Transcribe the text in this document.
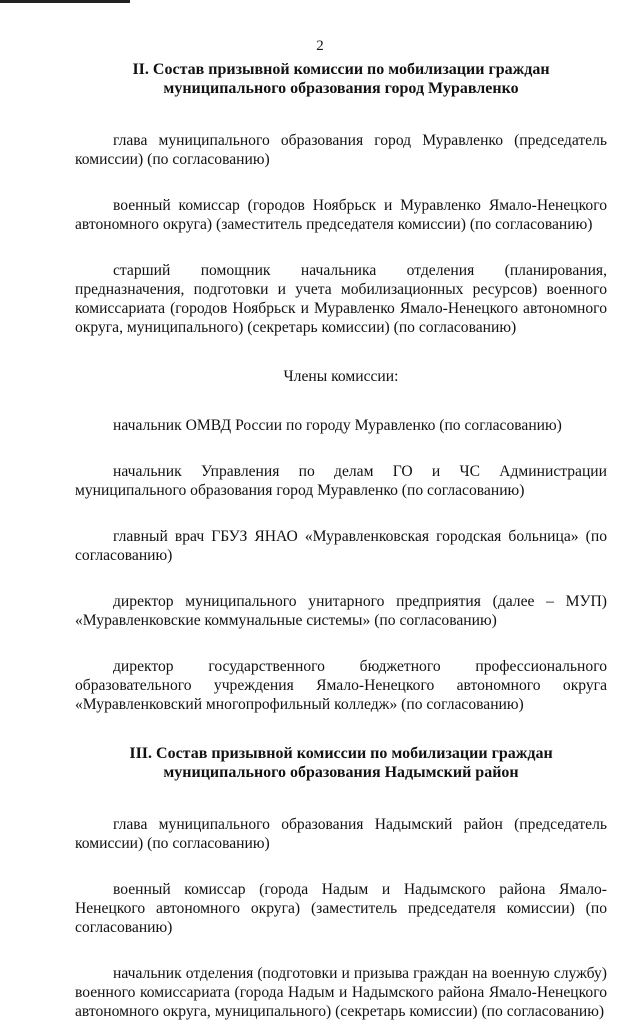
2
II. Состав призывной комиссии по мобилизации граждан
муниципального образования город Муравленко

глава муниципального образования город Муравленко (председатель комиссии) (по согласованию)

военный комиссар (городов Ноябрьск и Муравленко Ямало-Ненецкого автономного округа) (заместитель председателя комиссии) (по согласованию)

старший помощник начальника отделения (планирования, предназначения, подготовки и учета мобилизационных ресурсов) военного комиссариата (городов Ноябрьск и Муравленко Ямало-Ненецкого автономного округа, муниципального) (секретарь комиссии) (по согласованию)

Члены комиссии:

начальник ОМВД России по городу Муравленко (по согласованию)

начальник Управления по делам ГО и ЧС Администрации муниципального образования город Муравленко (по согласованию)

главный врач ГБУЗ ЯНАО «Муравленковская городская больница» (по согласованию)

директор муниципального унитарного предприятия (далее – МУП) «Муравленковские коммунальные системы» (по согласованию)

директор государственного бюджетного профессионального образовательного учреждения Ямало-Ненецкого автономного округа «Муравленковский многопрофильный колледж» (по согласованию)

III. Состав призывной комиссии по мобилизации граждан
муниципального образования Надымский район

глава муниципального образования Надымский район (председатель комиссии) (по согласованию)

военный комиссар (города Надым и Надымского района Ямало-Ненецкого автономного округа) (заместитель председателя комиссии) (по согласованию)

начальник отделения (подготовки и призыва граждан на военную службу) военного комиссариата (города Надым и Надымского района Ямало-Ненецкого автономного округа, муниципального) (секретарь комиссии) (по согласованию)
